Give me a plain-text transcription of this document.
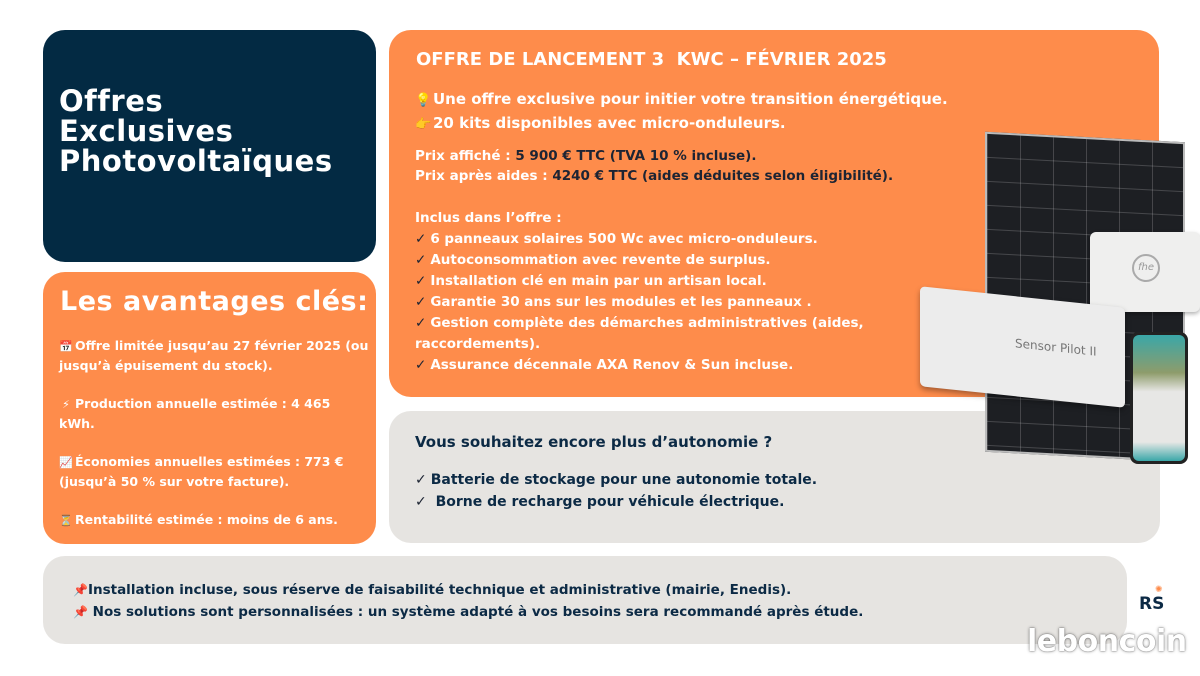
Offres
Exclusives
Photovoltaïques
Les avantages clés:
📅 Offre limitée jusqu’au 27 février 2025 (ou jusqu’à épuisement du stock).
⚡ Production annuelle estimée : 4 465 kWh.
📈 Économies annuelles estimées : 773 € (jusqu’à 50 % sur votre facture).
⏳ Rentabilité estimée : moins de 6 ans.
OFFRE DE LANCEMENT 3  KWC – FÉVRIER 2025
💡 Une offre exclusive pour initier votre transition énergétique.
👉 20 kits disponibles avec micro-onduleurs.
Prix affiché : 5 900 € TTC (TVA 10 % incluse).
Prix après aides : 4240 € TTC (aides déduites selon éligibilité).
Inclus dans l’offre :
✓ 6 panneaux solaires 500 Wc avec micro-onduleurs.
✓ Autoconsommation avec revente de surplus.
✓ Installation clé en main par un artisan local.
✓ Garantie 30 ans sur les modules et les panneaux .
✓ Gestion complète des démarches administratives (aides, raccordements).
✓ Assurance décennale AXA Renov & Sun incluse.
Vous souhaitez encore plus d’autonomie ?
✓ Batterie de stockage pour une autonomie totale.
✓ Borne de recharge pour véhicule électrique.
📌Installation incluse, sous réserve de faisabilité technique et administrative (mairie, Enedis).
📌 Nos solutions sont personnalisées : un système adapté à vos besoins sera recommandé après étude.
fhe
Sensor Pilot II
RS
✺
leboncoin
